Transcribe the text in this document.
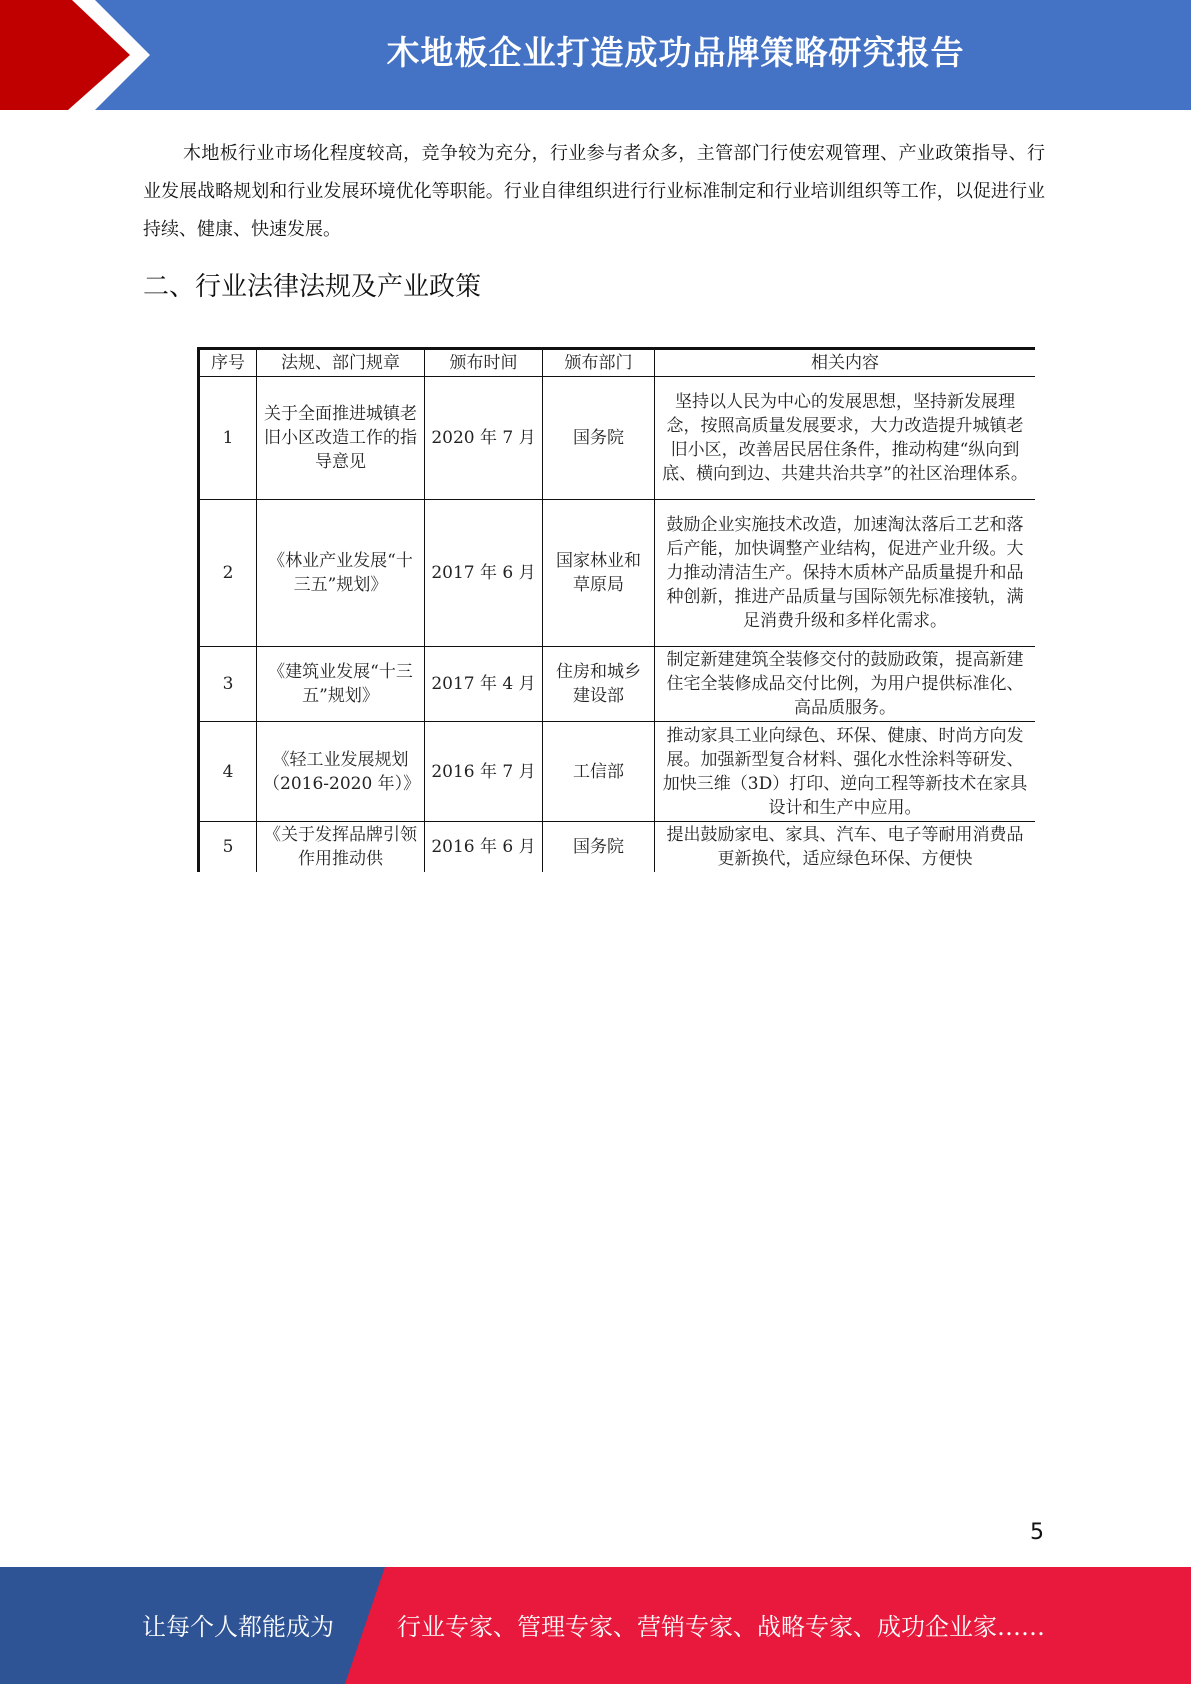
木地板企业打造成功品牌策略研究报告
木地板行业市场化程度较高，竞争较为充分，行业参与者众多，主管部门行使宏观管理、产业政策指导、行业发展战略规划和行业发展环境优化等职能。行业自律组织进行行业标准制定和行业培训组织等工作，以促进行业持续、健康、快速发展。
二、行业法律法规及产业政策
序号	法规、部门规章	颁布时间	颁布部门	相关内容
1	关于全面推进城镇老旧小区改造工作的指导意见	2020 年 7 月	国务院	坚持以人民为中心的发展思想，坚持新发展理念，按照高质量发展要求，大力改造提升城镇老旧小区，改善居民居住条件，推动构建“纵向到底、横向到边、共建共治共享”的社区治理体系。
2	《林业产业发展“十三五”规划》	2017 年 6 月	国家林业和草原局	鼓励企业实施技术改造，加速淘汰落后工艺和落后产能，加快调整产业结构，促进产业升级。大力推动清洁生产。保持木质林产品质量提升和品种创新，推进产品质量与国际领先标准接轨，满足消费升级和多样化需求。
3	《建筑业发展“十三五”规划》	2017 年 4 月	住房和城乡建设部	制定新建建筑全装修交付的鼓励政策，提高新建住宅全装修成品交付比例，为用户提供标准化、高品质服务。
4	《轻工业发展规划（2016-2020 年）》	2016 年 7 月	工信部	推动家具工业向绿色、环保、健康、时尚方向发展。加强新型复合材料、强化水性涂料等研发、加快三维（3D）打印、逆向工程等新技术在家具设计和生产中应用。
5	《关于发挥品牌引领作用推动供	2016 年 6 月	国务院	提出鼓励家电、家具、汽车、电子等耐用消费品更新换代，适应绿色环保、方便快
5
让每个人都能成为	行业专家、管理专家、营销专家、战略专家、成功企业家……
